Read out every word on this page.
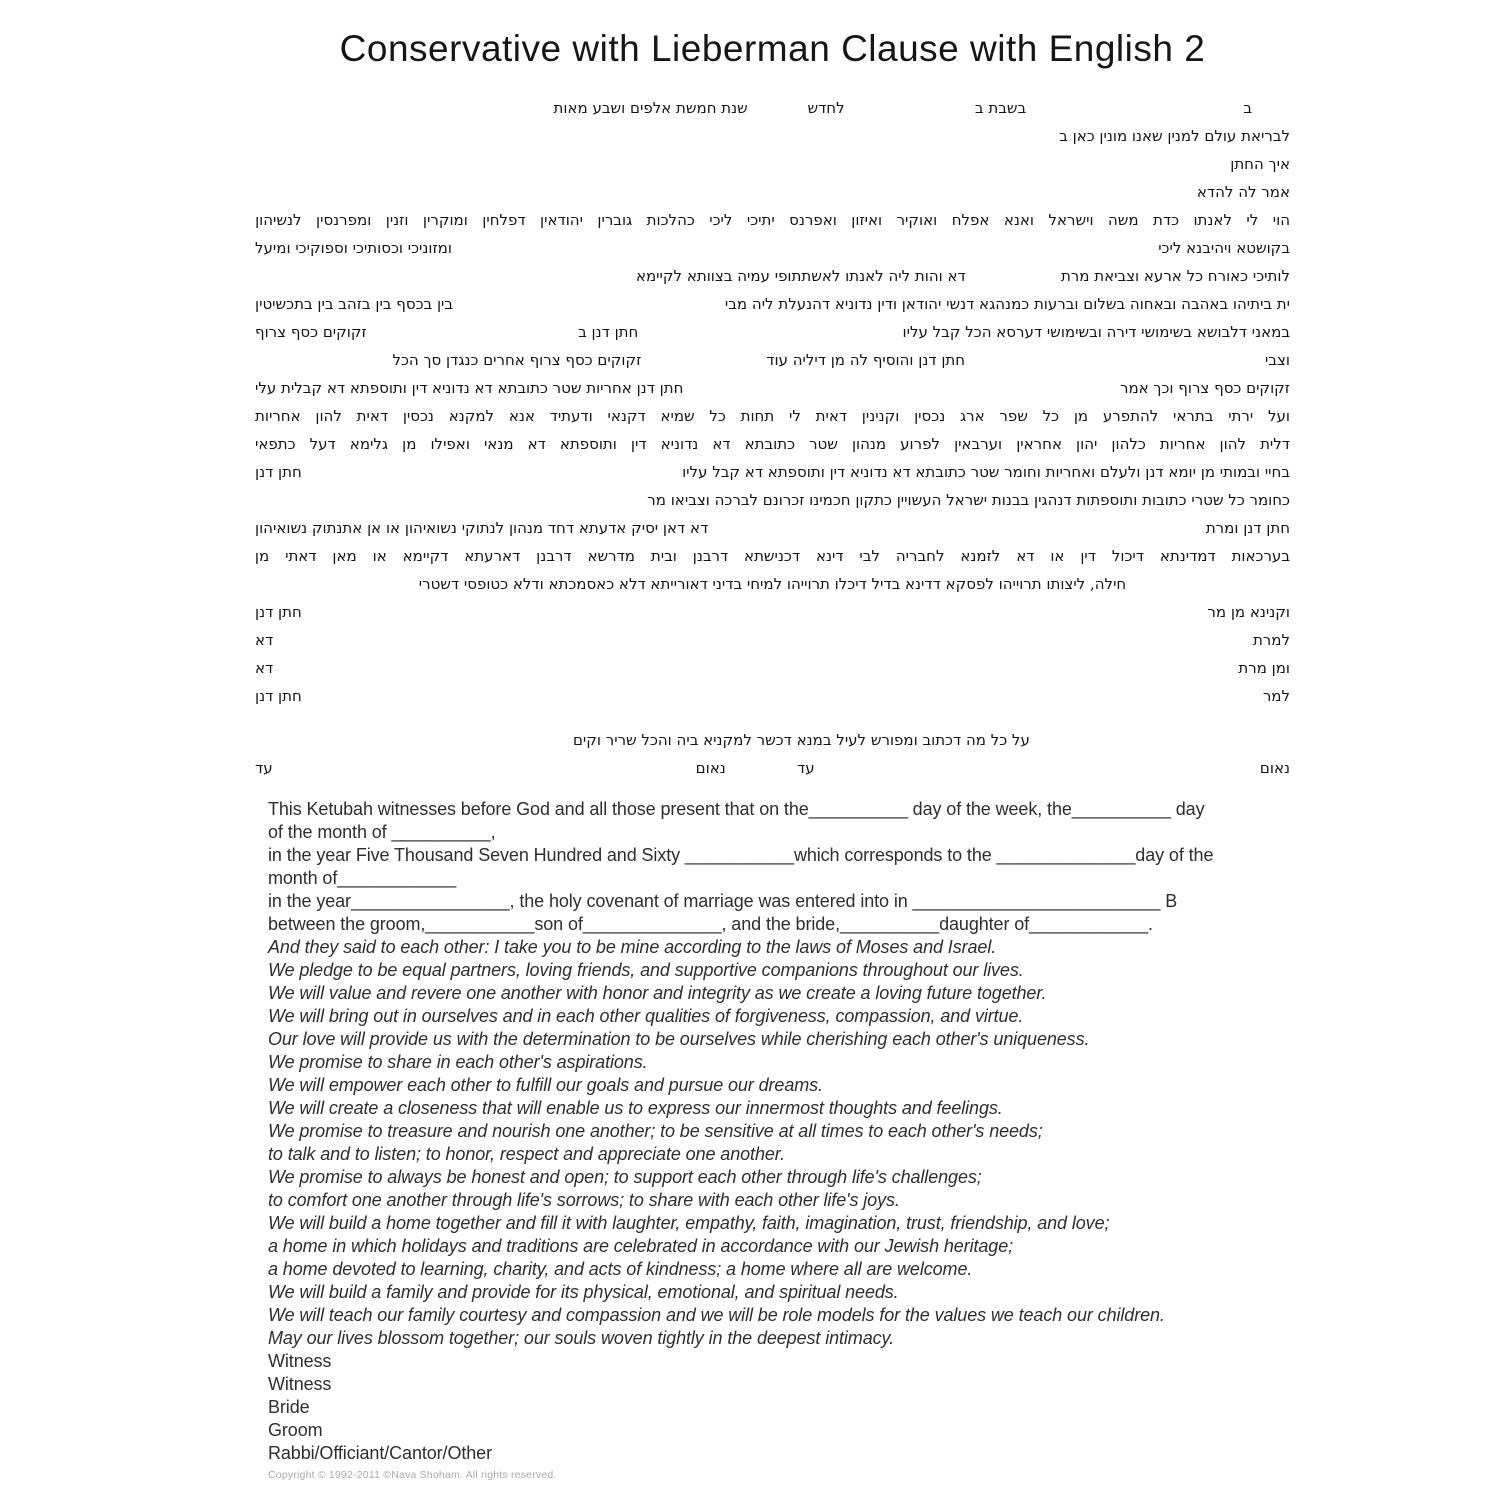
Conservative with Lieberman Clause with English 2
ב
בשבת ב
לחדש
שנת חמשת אלפים ושבע מאות
לבריאת עולם למנין שאנו מונין כאן ב
איך החתן
אמר לה להדא
הוי
לי
לאנתו
כדת
משה
וישראל
ואנא
אפלח
ואוקיר
ואיזון
ואפרנס
יתיכי
ליכי
כהלכות
גוברין
יהודאין
דפלחין
ומוקרין
וזנין
ומפרנסין
לנשיהון
בקושטא ויהיבנא ליכי
ומזוניכי וכסותיכי וספוקיכי ומיעל
לותיכי כאורח כל ארעא וצביאת מרת
דא והות ליה לאנתו לאשתתופי עמיה בצוותא לקיימא
ית ביתיהו באהבה ובאחוה בשלום וברעות כמנהגא דנשי יהודאן ודין נדוניא דהנעלת ליה מבי
בין בכסף בין בזהב בין בתכשיטין
במאני דלבושא בשימושי דירה ובשימושי דערסא הכל קבל עליו
חתן דנן ב
זקוקים כסף צרוף
וצבי
חתן דנן והוסיף לה מן דיליה עוד
זקוקים כסף צרוף אחרים כנגדן סך הכל
זקוקים כסף צרוף וכך אמר
חתן דנן אחריות שטר כתובתא דא נדוניא דין ותוספתא דא קבלית עלי
ועל
ירתי
בתראי
להתפרע
מן
כל
שפר
ארג
נכסין
וקנינין
דאית
לי
תחות
כל
שמיא
דקנאי
ודעתיד
אנא
למקנא
נכסין
דאית
להון
אחריות
דלית
להון
אחריות
כלהון
יהון
אחראין
וערבאין
לפרוע
מנהון
שטר
כתובתא
דא
נדוניא
דין
ותוספתא
דא
מנאי
ואפילו
מן
גלימא
דעל
כתפאי
בחיי ובמותי מן יומא דנן ולעלם ואחריות וחומר שטר כתובתא דא נדוניא דין ותוספתא דא קבל עליו
חתן דנן
כחומר כל שטרי כתובות ותוספתות דנהגין בבנות ישראל העשויין כתקון חכמינו זכרונם לברכה וצביאו מר
חתן דנן ומרת
דא דאן יסיק אדעתא דחד מנהון לנתוקי נשואיהון או אן אתנתוק נשואיהון
בערכאות
דמדינתא
דיכול
דין
או
דא
לזמנא
לחבריה
לבי
דינא
דכנישתא
דרבנן
ובית
מדרשא
דרבנן
דארעתא
דקיימא
או
מאן
דאתי
מן
חילה, ליצותו תרוייהו לפסקא דדינא בדיל דיכלו תרוייהו למיחי בדיני דאורייתא דלא כאסמכתא ודלא כטופסי דשטרי
וקנינא מן מר
חתן דנן
למרת
דא
ומן מרת
דא
למר
חתן דנן
על כל מה דכתוב ומפורש לעיל במנא דכשר למקניא ביה והכל שריר וקים
נאום
עד
נאום
עד
This Ketubah witnesses before God and all those present that on the__________ day of the week, the__________ day
of the month of __________,
in the year Five Thousand Seven Hundred and Sixty ___________which corresponds to the ______________day of the
month of____________
in the year________________, the holy covenant of marriage was entered into in _________________________ B
between the groom,___________son of______________, and the bride,__________daughter of____________.
And they said to each other: I take you to be mine according to the laws of Moses and Israel.
We pledge to be equal partners, loving friends, and supportive companions throughout our lives.
We will value and revere one another with honor and integrity as we create a loving future together.
We will bring out in ourselves and in each other qualities of forgiveness, compassion, and virtue.
Our love will provide us with the determination to be ourselves while cherishing each other's uniqueness.
We promise to share in each other's aspirations.
We will empower each other to fulfill our goals and pursue our dreams.
We will create a closeness that will enable us to express our innermost thoughts and feelings.
We promise to treasure and nourish one another; to be sensitive at all times to each other's needs;
to talk and to listen; to honor, respect and appreciate one another.
We promise to always be honest and open; to support each other through life's challenges;
to comfort one another through life's sorrows; to share with each other life's joys.
We will build a home together and fill it with laughter, empathy, faith, imagination, trust, friendship, and love;
a home in which holidays and traditions are celebrated in accordance with our Jewish heritage;
a home devoted to learning, charity, and acts of kindness; a home where all are welcome.
We will build a family and provide for its physical, emotional, and spiritual needs.
We will teach our family courtesy and compassion and we will be role models for the values we teach our children.
May our lives blossom together; our souls woven tightly in the deepest intimacy.
Witness
Witness
Bride
Groom
Rabbi/Officiant/Cantor/Other
Copyright © 1992-2011 ©Nava Shoham. All rights reserved.
